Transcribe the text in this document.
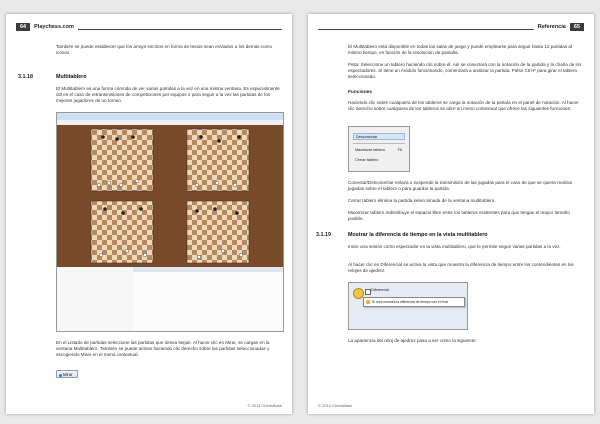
64	Playchess.com
También se puede establecer que los arrays escritos en forma de textos sean enviados a los demás como iconos.
3.1.18	Multitablero
El Multitablero es una forma cómoda de ver varias partidas a la vez en una misma ventana. Es especialmente útil en el caso de retransmisiones de competiciones por equipos o para seguir a la vez las partidas de los mejores jugadores de un torneo.
En el Listado de partidas seleccione las partidas que desea seguir. Al hacer clic en Mirar, se cargan en la ventana Multitablero. También se puede activar haciendo clic derecho sobre las partidas seleccionadas y escogiendo Mirar en el menú contextual.
Mirar
© 2014 ChessBase
Referencia	65
El Multitablero está disponible en todas las salas de juego y puede emplearse para seguir hasta 12 partidas al mismo tiempo, en función de la resolución de pantalla.
Pista: Seleccione un tablero haciendo clic sobre él. Así se conectará con la notación de la partida y la charla de los espectadores. Si tiene un módulo funcionando, comenzará a analizar la partida. Pulse Ctrl-F para girar el tablero seleccionado.
Funciones
Haciendo clic sobre cualquiera de los tableros se carga la notación de la partida en el panel de notación. Al hacer clic derecho sobre cualquiera de los tableros se abre un menú contextual que ofrece las siguientes funciones:
Desconectar
Maximizar tablero	F6
Cerrar tablero
Conectar/Desconectar enlaza o suspende la transmisión de las jugadas para el caso de que se quiera realizar jugadas sobre el tablero o para guardar la partida.
Cerrar tablero elimina la partida seleccionada de la ventana multitablero.
Maximizar tablero redistribuye el espacio libre entre los tableros existentes para que tengan el mayor tamaño posible.
3.1.19	Mostrar la diferencia de tiempo en la vista multitablero
Inicie una sesión como espectador en la vista multitablero, que le permite seguir varias partidas a la vez.
Al hacer clic en Diferencial se activa la vista que muestra la diferencia de tiempo entre los contendientes en los relojes de ajedrez.
Diferencial
El reloj muestra la diferencia de tiempo con el rival
La apariencia del reloj de ajedrez pasa a ser como la siguiente:
© 2014 ChessBase
